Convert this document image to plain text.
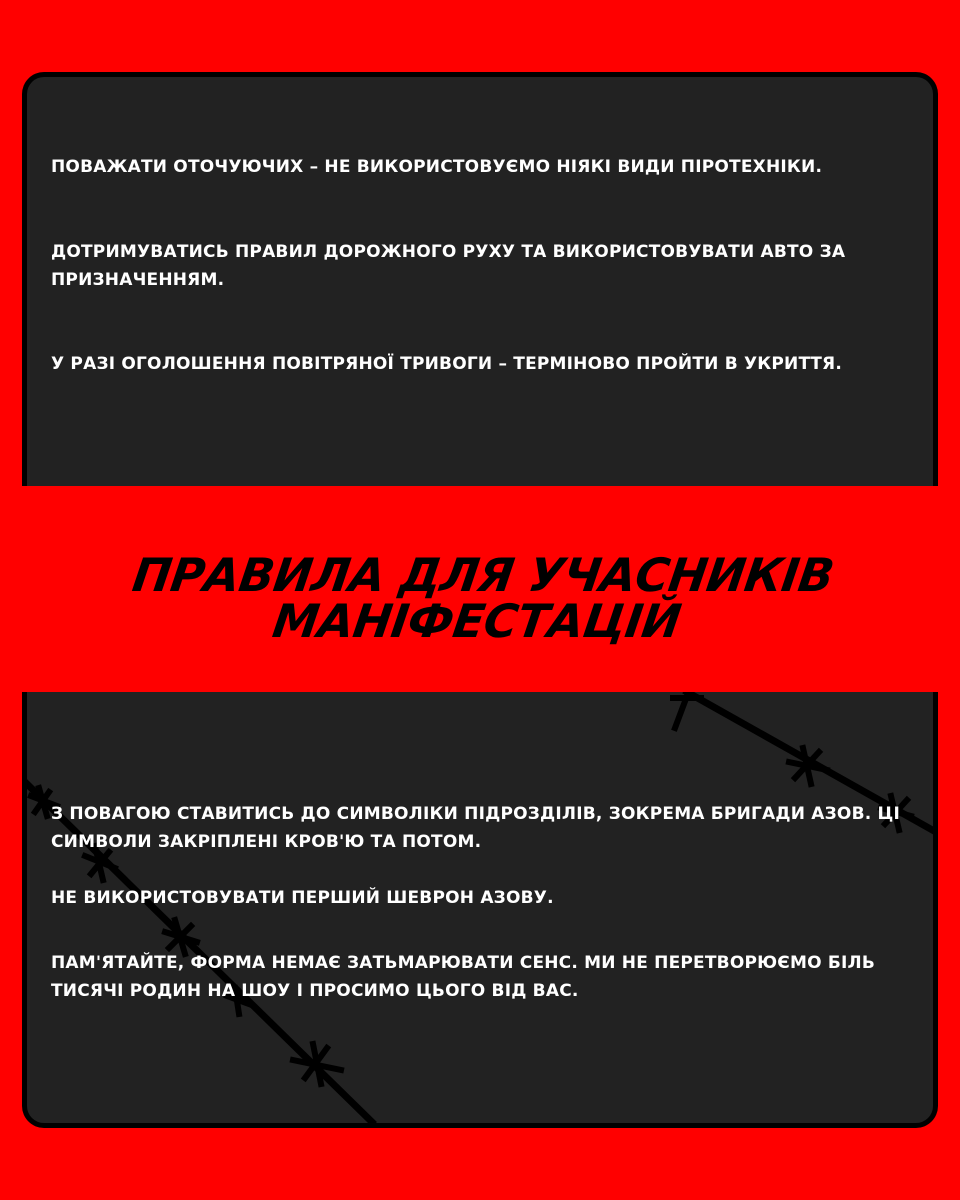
ПОВАЖАТИ ОТОЧУЮЧИХ – НЕ ВИКОРИСТОВУЄМО НІЯКІ ВИДИ ПІРОТЕХНІКИ.

ДОТРИМУВАТИСЬ ПРАВИЛ ДОРОЖНОГО РУХУ ТА ВИКОРИСТОВУВАТИ АВТО ЗА ПРИЗНАЧЕННЯМ.

У РАЗІ ОГОЛОШЕННЯ ПОВІТРЯНОЇ ТРИВОГИ – ТЕРМІНОВО ПРОЙТИ В УКРИТТЯ.

ПРАВИЛА ДЛЯ УЧАСНИКІВ
МАНІФЕСТАЦІЙ

З ПОВАГОЮ СТАВИТИСЬ ДО СИМВОЛІКИ ПІДРОЗДІЛІВ, ЗОКРЕМА БРИГАДИ АЗОВ. ЦІ СИМВОЛИ ЗАКРІПЛЕНІ КРОВ'Ю ТА ПОТОМ.

НЕ ВИКОРИСТОВУВАТИ ПЕРШИЙ ШЕВРОН АЗОВУ.

ПАМ'ЯТАЙТЕ, ФОРМА НЕМАЄ ЗАТЬМАРЮВАТИ СЕНС. МИ НЕ ПЕРЕТВОРЮЄМО БІЛЬ ТИСЯЧІ РОДИН НА ШОУ І ПРОСИМО ЦЬОГО ВІД ВАС.
